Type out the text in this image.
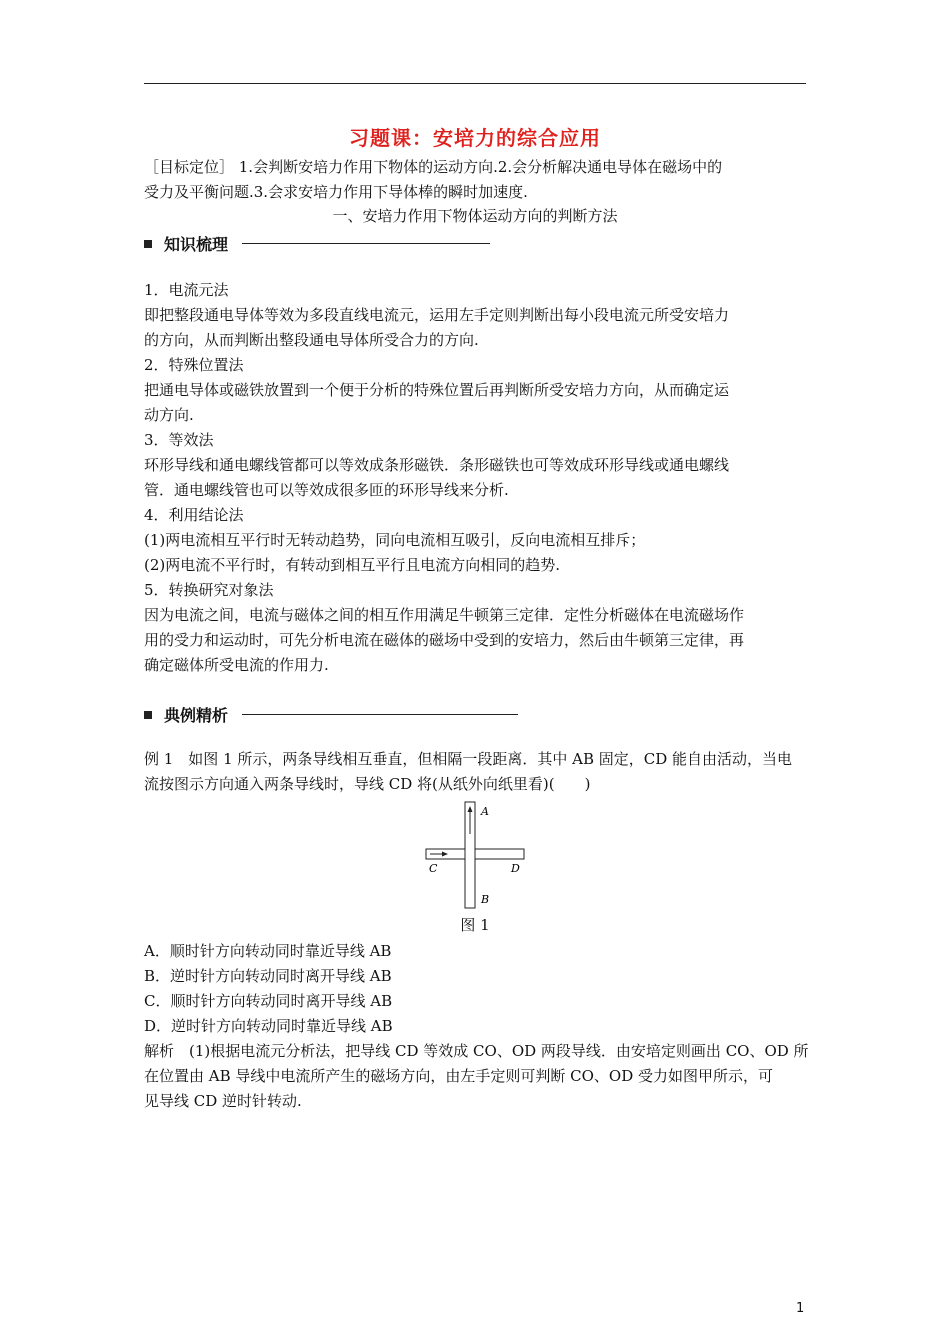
习题课：安培力的综合应用
［目标定位］ 1.会判断安培力作用下物体的运动方向.2.会分析解决通电导体在磁场中的
受力及平衡问题.3.会求安培力作用下导体棒的瞬时加速度.
一、安培力作用下物体运动方向的判断方法
知识梳理
1．电流元法
即把整段通电导体等效为多段直线电流元，运用左手定则判断出每小段电流元所受安培力
的方向，从而判断出整段通电导体所受合力的方向.
2．特殊位置法
把通电导体或磁铁放置到一个便于分析的特殊位置后再判断所受安培力方向，从而确定运
动方向.
3．等效法
环形导线和通电螺线管都可以等效成条形磁铁．条形磁铁也可等效成环形导线或通电螺线
管．通电螺线管也可以等效成很多匝的环形导线来分析.
4．利用结论法
(1)两电流相互平行时无转动趋势，同向电流相互吸引，反向电流相互排斥；
(2)两电流不平行时，有转动到相互平行且电流方向相同的趋势.
5．转换研究对象法
因为电流之间，电流与磁体之间的相互作用满足牛顿第三定律．定性分析磁体在电流磁场作
用的受力和运动时，可先分析电流在磁体的磁场中受到的安培力，然后由牛顿第三定律，再
确定磁体所受电流的作用力.
典例精析
例 1　如图 1 所示，两条导线相互垂直，但相隔一段距离．其中 AB 固定，CD 能自由活动，当电
流按图示方向通入两条导线时，导线 CD 将(从纸外向纸里看)(　　)
A
B
C	D
图 1
A．顺时针方向转动同时靠近导线 AB
B．逆时针方向转动同时离开导线 AB
C．顺时针方向转动同时离开导线 AB
D．逆时针方向转动同时靠近导线 AB
解析　(1)根据电流元分析法，把导线 CD 等效成 CO、OD 两段导线．由安培定则画出 CO、OD 所
在位置由 AB 导线中电流所产生的磁场方向，由左手定则可判断 CO、OD 受力如图甲所示，可
见导线 CD 逆时针转动.
1
